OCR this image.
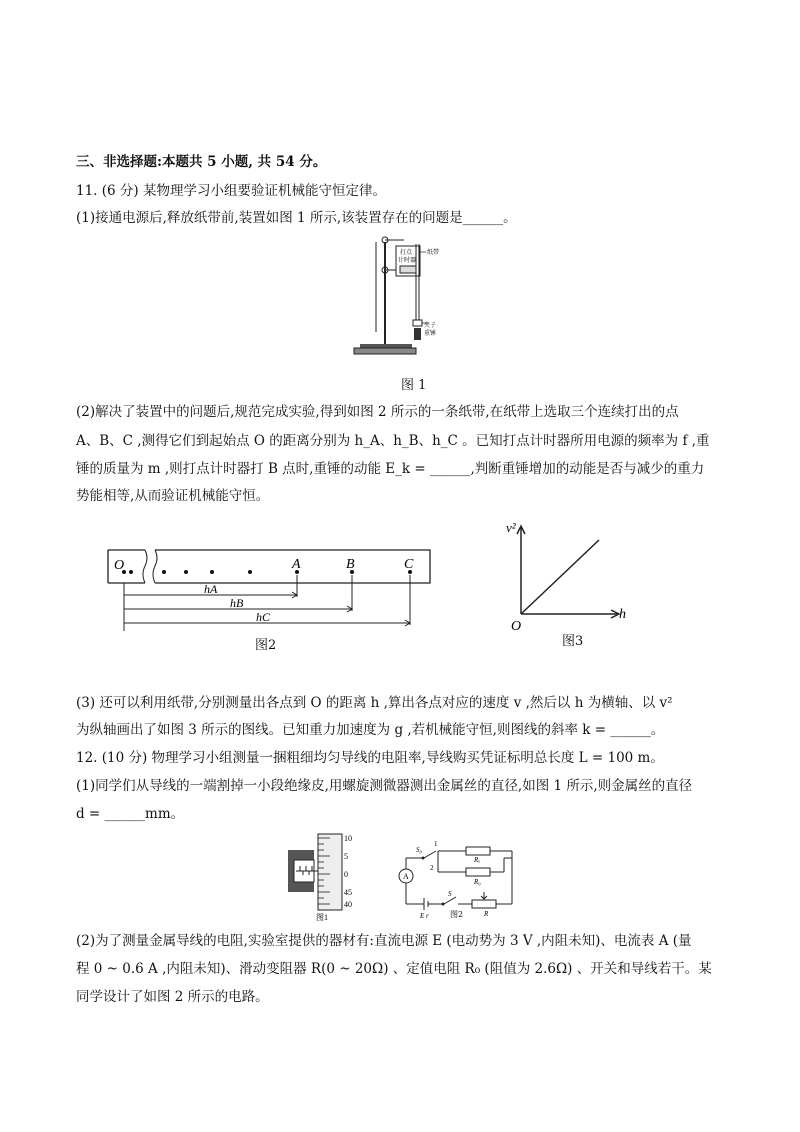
三、非选择题:本题共 5 小题, 共 54 分。
11. (6 分) 某物理学习小组要验证机械能守恒定律。
(1)接通电源后,释放纸带前,装置如图 1 所示,该装置存在的问题是______。
打点
计时器
纸带
夹子
重锤
图 1
(2)解决了装置中的问题后,规范完成实验,得到如图 2 所示的一条纸带,在纸带上选取三个连续打出的点
A、B、C ,测得它们到起始点 O 的距离分别为 h_A、h_B、h_C 。已知打点计时器所用电源的频率为 f ,重
锤的质量为 m ,则打点计时器打 B 点时,重锤的动能 E_k = ______,判断重锤增加的动能是否与减少的重力
势能相等,从而验证机械能守恒。
O	A	B	C
hA
hB
hC
图2
v²
h
O
图3
(3) 还可以利用纸带,分别测量出各点到 O 的距离 h ,算出各点对应的速度 v ,然后以 h 为横轴、以 v²
为纵轴画出了如图 3 所示的图线。已知重力加速度为 g ,若机械能守恒,则图线的斜率 k = ______。
12. (10 分) 物理学习小组测量一捆粗细均匀导线的电阻率,导线购买凭证标明总长度 L = 100 m。
(1)同学们从导线的一端割掉一小段绝缘皮,用螺旋测微器测出金属丝的直径,如图 1 所示,则金属丝的直径
d = ______mm。
10
5
0
45
40
图1
A
S₀
1
2
Rₓ
R₀
R
E r
S
图2
(2)为了测量金属导线的电阻,实验室提供的器材有:直流电源 E (电动势为 3 V ,内阻未知)、电流表 A (量
程 0 ~ 0.6 A ,内阻未知)、滑动变阻器 R(0 ~ 20Ω) 、定值电阻 R₀ (阻值为 2.6Ω) 、开关和导线若干。某
同学设计了如图 2 所示的电路。
